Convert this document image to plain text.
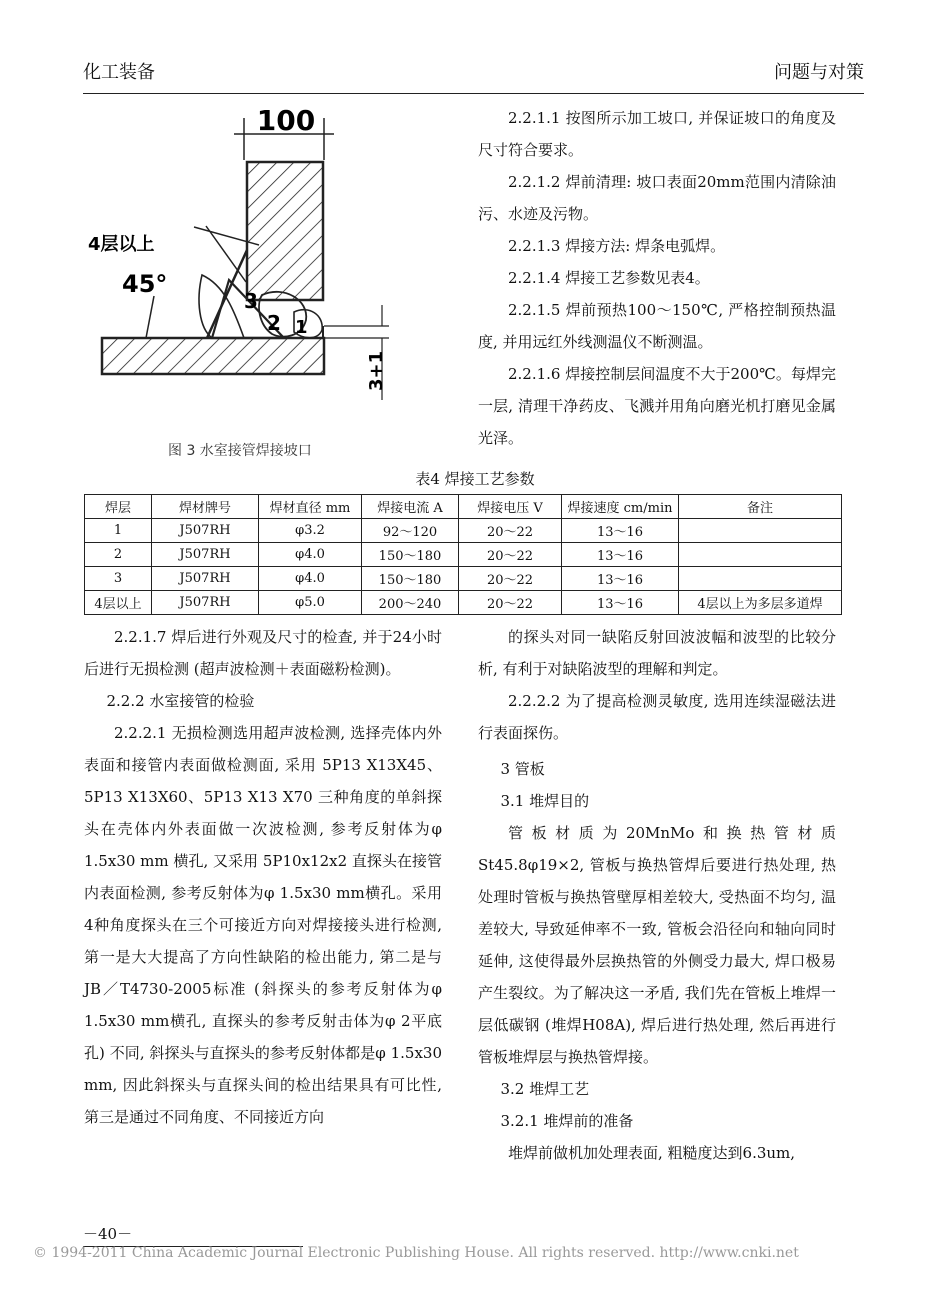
化工装备	问题与对策
100
3
2 1
4层以上
45°
3+1
图 3 水室接管焊接坡口

2.2.1.1 按图所示加工坡口, 并保证坡口的角度及尺寸符合要求。

2.2.1.2 焊前清理: 坡口表面20mm范围内清除油污、水迹及污物。

2.2.1.3 焊接方法: 焊条电弧焊。

2.2.1.4 焊接工艺参数见表4。

2.2.1.5 焊前预热100～150℃, 严格控制预热温度, 并用远红外线测温仪不断测温。

2.2.1.6 焊接控制层间温度不大于200℃。每焊完一层, 清理干净药皮、飞溅并用角向磨光机打磨见金属光泽。

表4 焊接工艺参数
焊层	焊材牌号	焊材直径 mm	焊接电流 A	焊接电压 V	焊接速度 cm/min	备注
1	J507RH	φ3.2	92～120	20～22	13～16	
2	J507RH	φ4.0	150～180	20～22	13～16	
3	J507RH	φ4.0	150～180	20～22	13～16	
4层以上	J507RH	φ5.0	200～240	20～22	13～16	4层以上为多层多道焊

2.2.1.7 焊后进行外观及尺寸的检查, 并于24小时后进行无损检测 (超声波检测＋表面磁粉检测)。

2.2.2 水室接管的检验

2.2.2.1 无损检测选用超声波检测, 选择壳体内外表面和接管内表面做检测面, 采用 5P13 X13X45、5P13 X13X60、5P13 X13 X70 三种角度的单斜探头在壳体内外表面做一次波检测, 参考反射体为φ 1.5x30 mm 横孔, 又采用 5P10x12x2 直探头在接管内表面检测, 参考反射体为φ 1.5x30 mm横孔。采用4种角度探头在三个可接近方向对焊接接头进行检测, 第一是大大提高了方向性缺陷的检出能力, 第二是与 JB／T4730-2005标准 (斜探头的参考反射体为φ 1.5x30 mm横孔, 直探头的参考反射击体为φ 2平底孔) 不同, 斜探头与直探头的参考反射体都是φ 1.5x30 mm, 因此斜探头与直探头间的检出结果具有可比性, 第三是通过不同角度、不同接近方向

的探头对同一缺陷反射回波波幅和波型的比较分析, 有利于对缺陷波型的理解和判定。

2.2.2.2 为了提高检测灵敏度, 选用连续湿磁法进行表面探伤。

3 管板

3.1 堆焊目的

管板材质为20MnMo和换热管材质St45.8φ19×2, 管板与换热管焊后要进行热处理, 热处理时管板与换热管壁厚相差较大, 受热面不均匀, 温差较大, 导致延伸率不一致, 管板会沿径向和轴向同时延伸, 这使得最外层换热管的外侧受力最大, 焊口极易产生裂纹。为了解决这一矛盾, 我们先在管板上堆焊一层低碳钢 (堆焊H08A), 焊后进行热处理, 然后再进行管板堆焊层与换热管焊接。

3.2 堆焊工艺

3.2.1 堆焊前的准备

堆焊前做机加处理表面, 粗糙度达到6.3um,

－40－
© 1994-2011 China Academic Journal Electronic Publishing House. All rights reserved. http://www.cnki.net
